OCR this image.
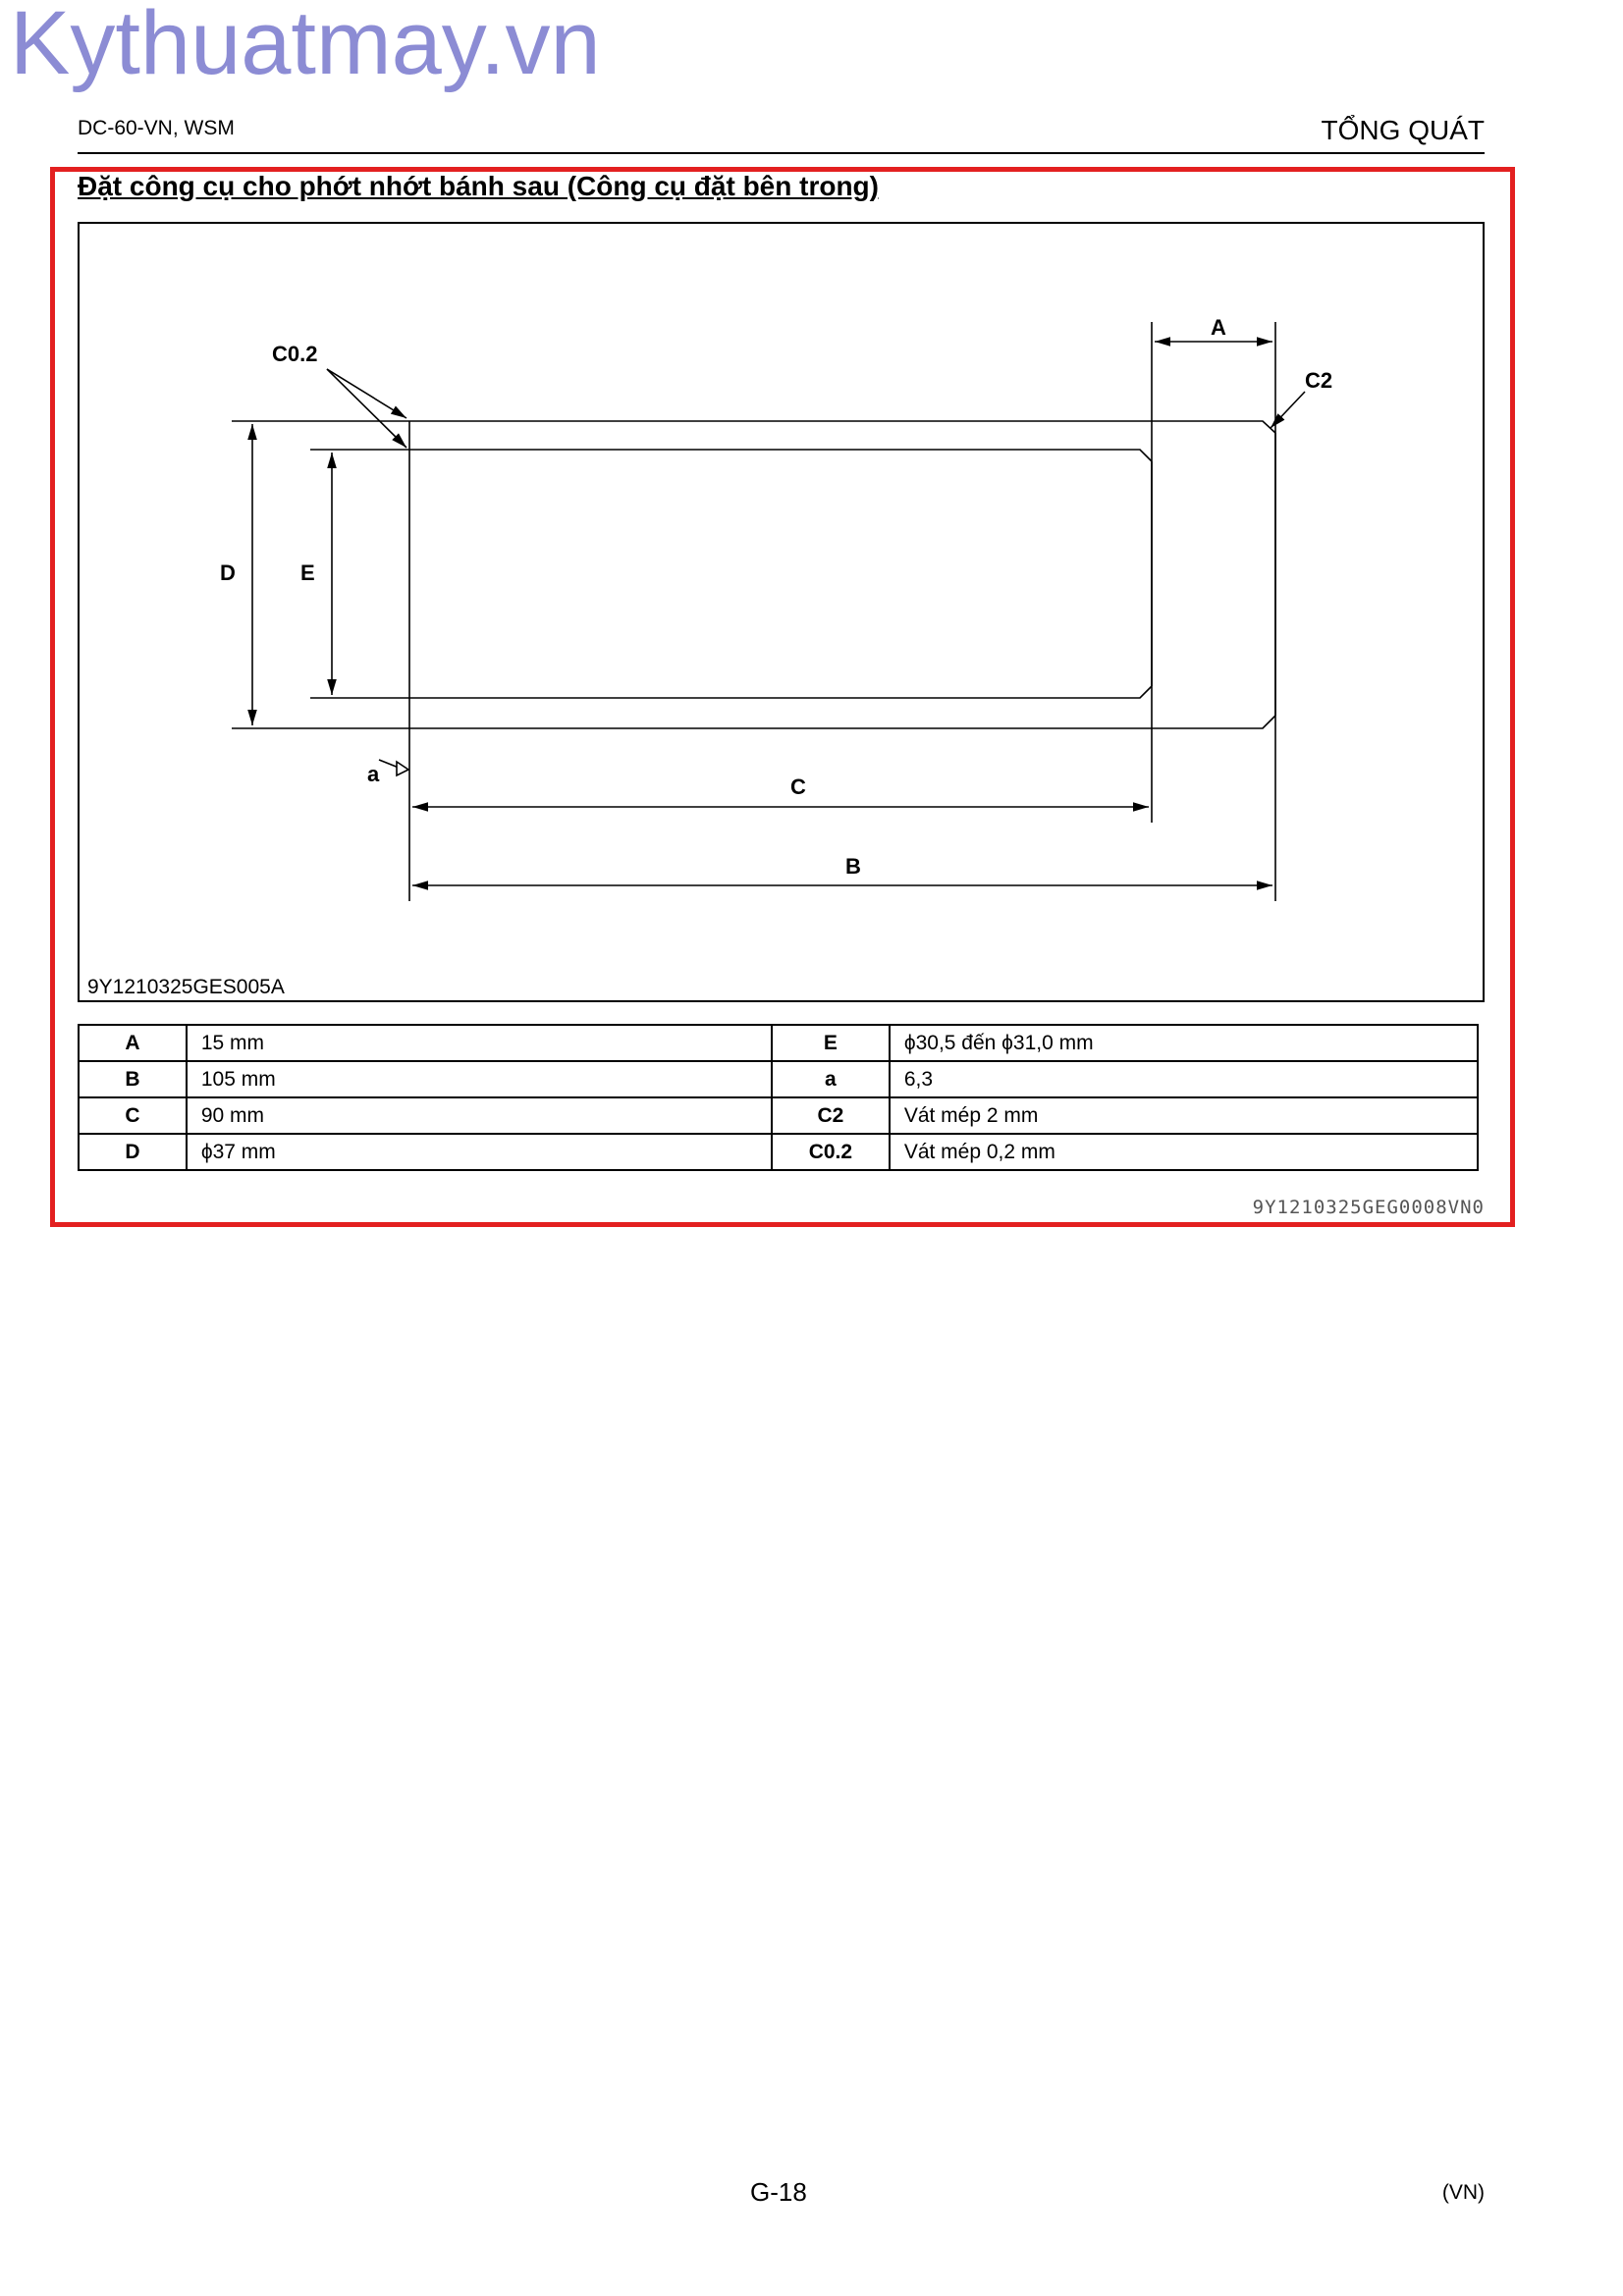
Kythuatmay.vn
DC-60-VN, WSM	TỔNG QUÁT
Đặt công cụ cho phớt nhớt bánh sau (Công cụ đặt bên trong)
C0.2
A
C2
D	E
a
C
B
9Y1210325GES005A
A	15 mm	E	ϕ30,5 đến ϕ31,0 mm
B	105 mm	a	6,3
C	90 mm	C2	Vát mép 2 mm
D	ϕ37 mm	C0.2	Vát mép 0,2 mm
9Y1210325GEG0008VN0
G-18	(VN)
